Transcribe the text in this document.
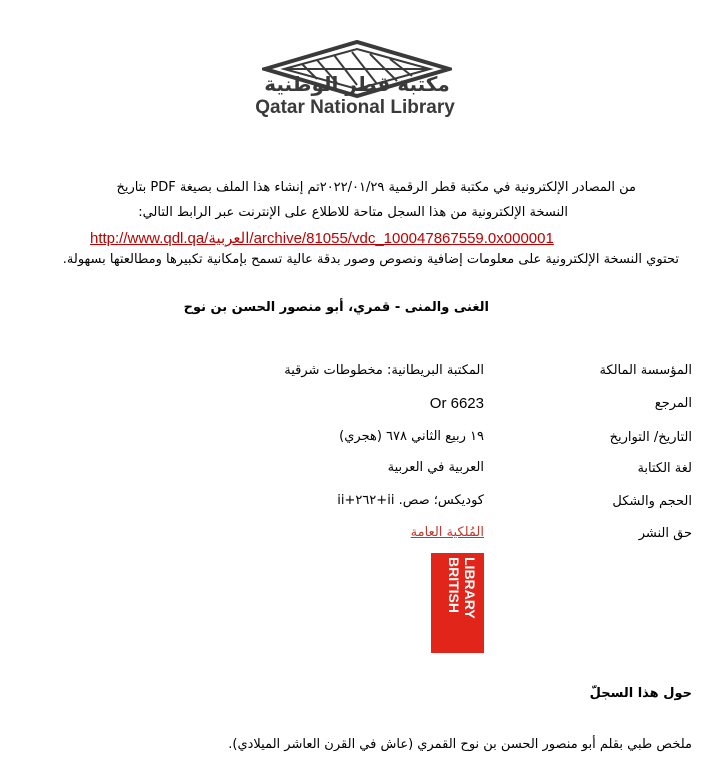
مكتبة قطر الوطنية
Qatar National Library
من المصادر الإلكترونية في مكتبة قطر الرقمية ٢٠٢٢/٠١/٢٩تم إنشاء هذا الملف بصيغة PDF بتاريخ
النسخة الإلكترونية من هذا السجل متاحة للاطلاع على الإنترنت عبر الرابط التالي:
http://www.qdl.qa/العربية/archive/81055/vdc_100047867559.0x000001
تحتوي النسخة الإلكترونية على معلومات إضافية ونصوص وصور بدقة عالية تسمح بإمكانية تكبيرها ومطالعتها بسهولة.
الغنى والمنى - قمري، أبو منصور الحسن بن نوح
المؤسسة المالكة
المكتبة البريطانية: مخطوطات شرقية
المرجع
Or 6623
التاريخ/ التواريخ
١٩ ربيع الثاني ٦٧٨ (هجري)
لغة الكتابة
العربية في العربية
الحجم والشكل
كوديكس؛ صص. ii+٢٦٢+ii
حق النشر
المُلكية العامة
BRITISH LIBRARY
حول هذا السجلّ
ملخص طبي بقلم أبو منصور الحسن بن نوح القمري (عاش في القرن العاشر الميلادي).
